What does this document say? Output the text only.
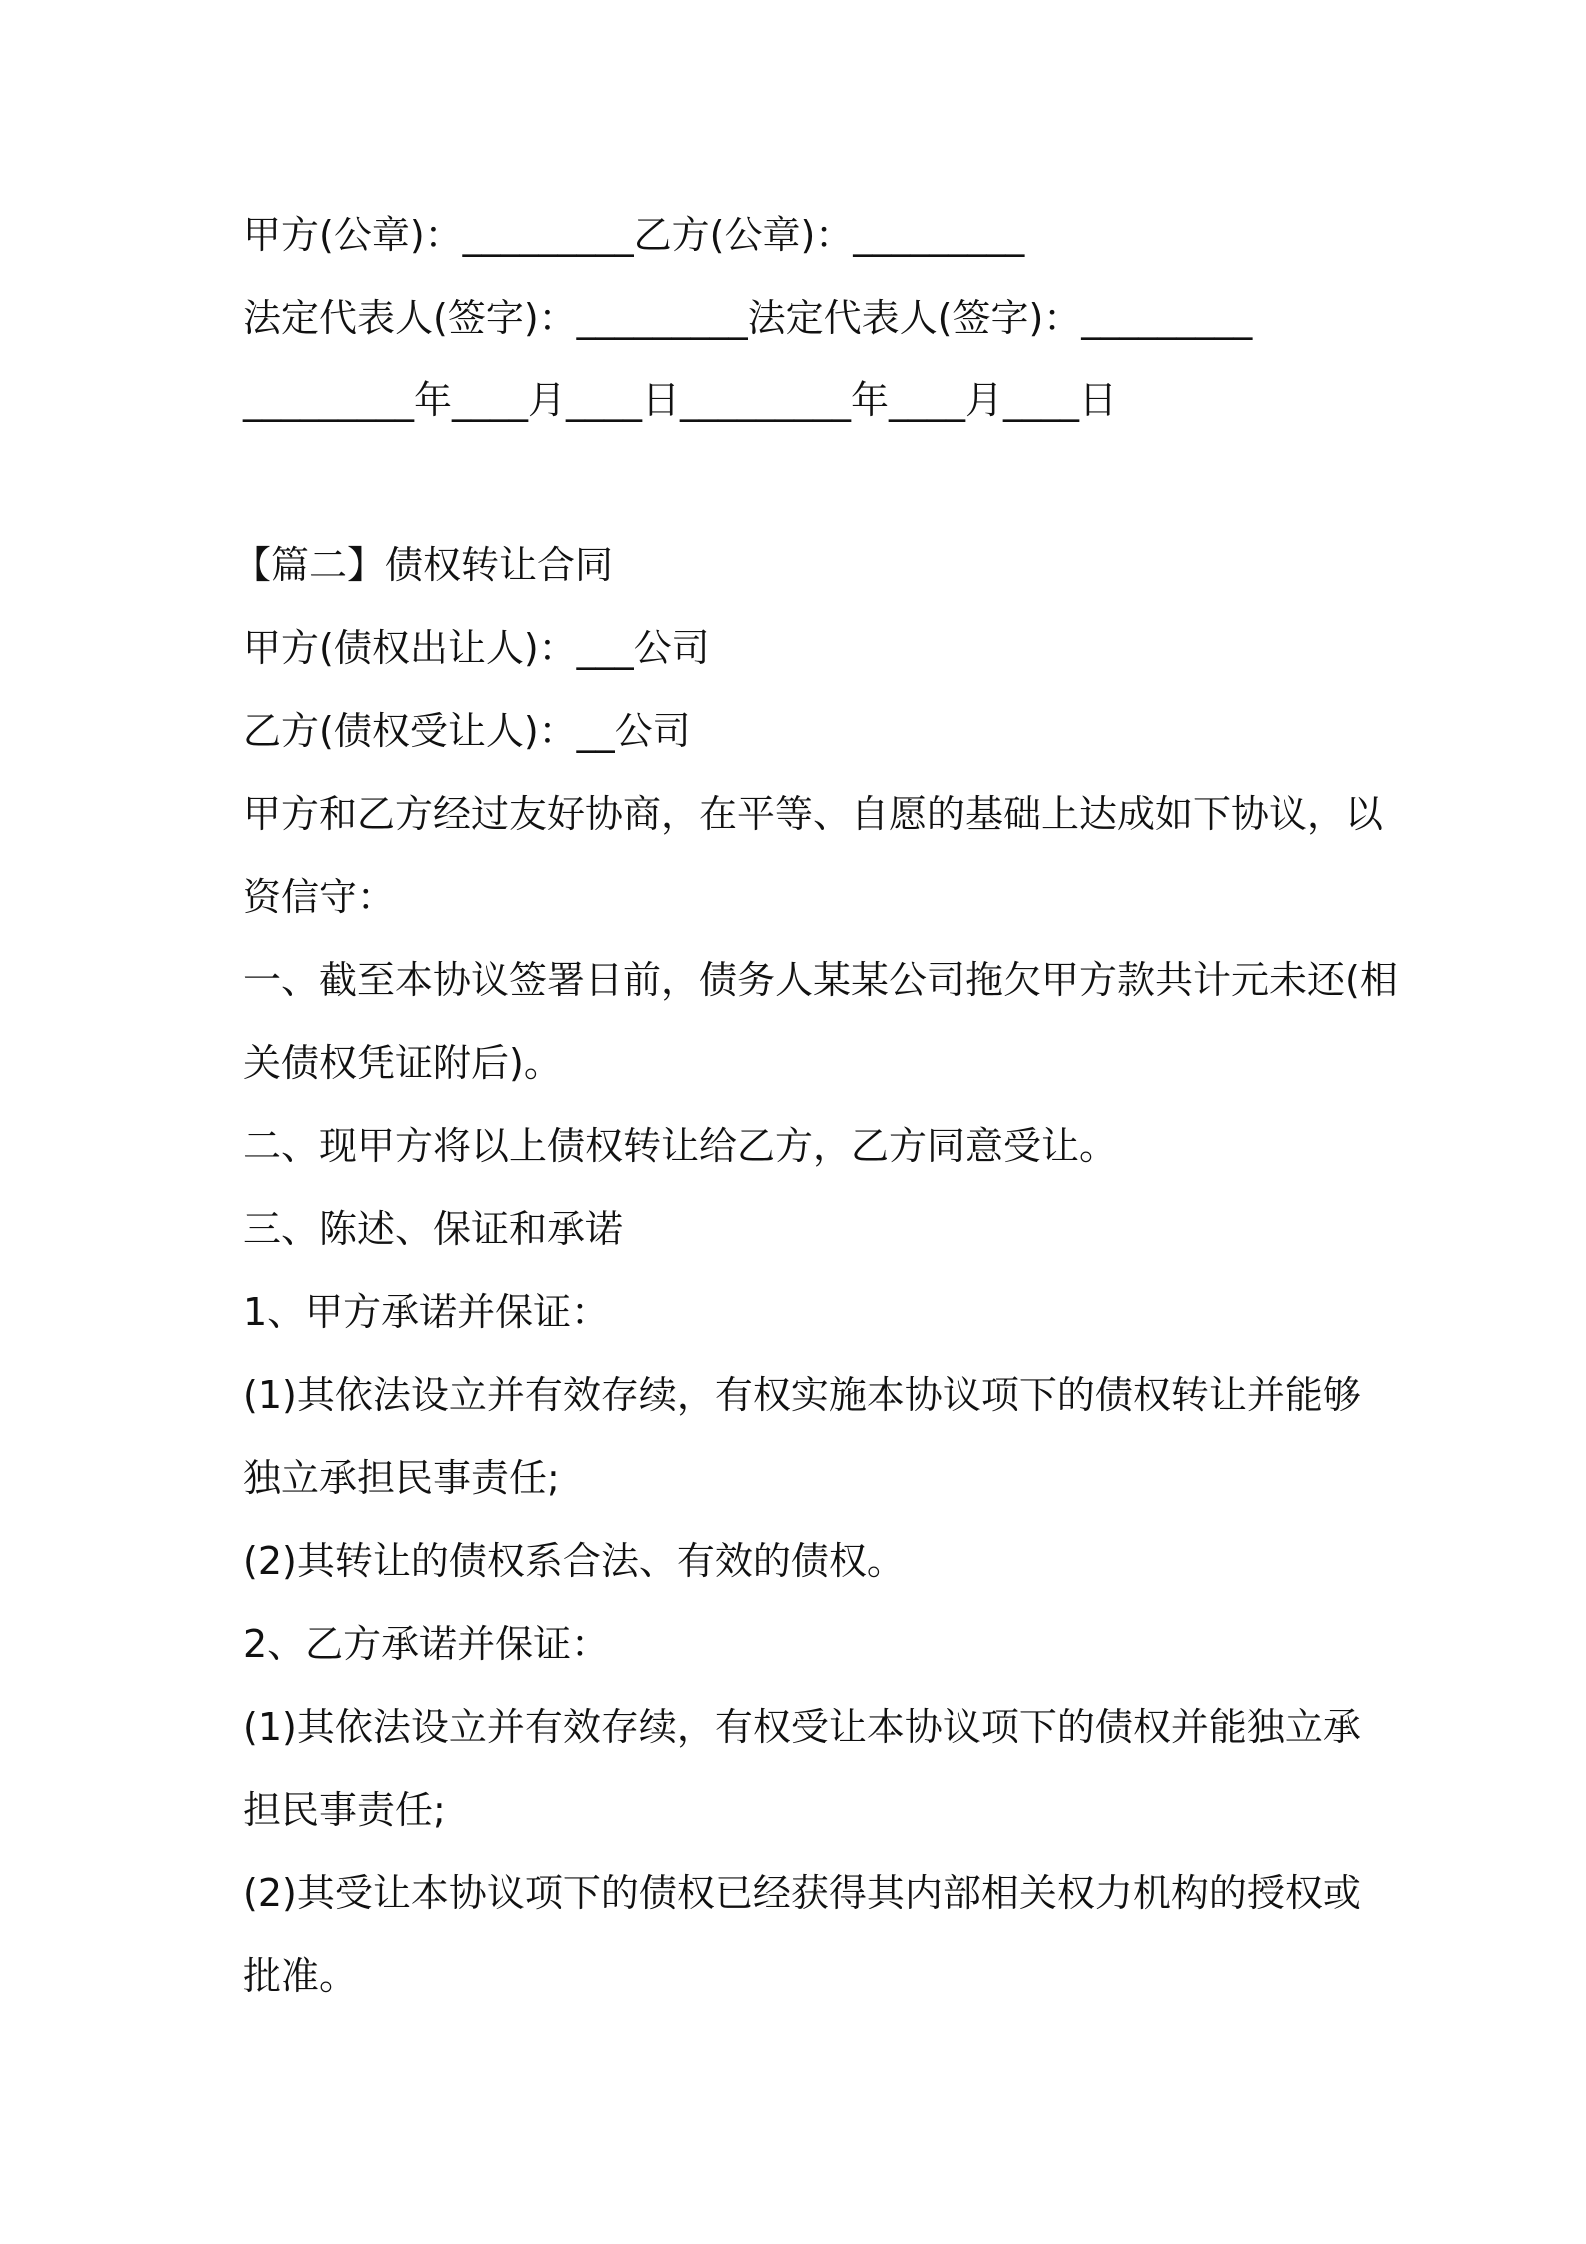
甲方(公章)：_________乙方(公章)：_________
法定代表人(签字)：_________法定代表人(签字)：_________
_________年____月____日_________年____月____日
【篇二】债权转让合同
甲方(债权出让人)：___公司
乙方(债权受让人)：__公司
甲方和乙方经过友好协商，在平等、自愿的基础上达成如下协议，以
资信守：
一、截至本协议签署日前，债务人某某公司拖欠甲方款共计元未还(相
关债权凭证附后)。
二、现甲方将以上债权转让给乙方，乙方同意受让。
三、陈述、保证和承诺
1、甲方承诺并保证：
(1)其依法设立并有效存续，有权实施本协议项下的债权转让并能够
独立承担民事责任;
(2)其转让的债权系合法、有效的债权。
2、乙方承诺并保证：
(1)其依法设立并有效存续，有权受让本协议项下的债权并能独立承
担民事责任;
(2)其受让本协议项下的债权已经获得其内部相关权力机构的授权或
批准。
